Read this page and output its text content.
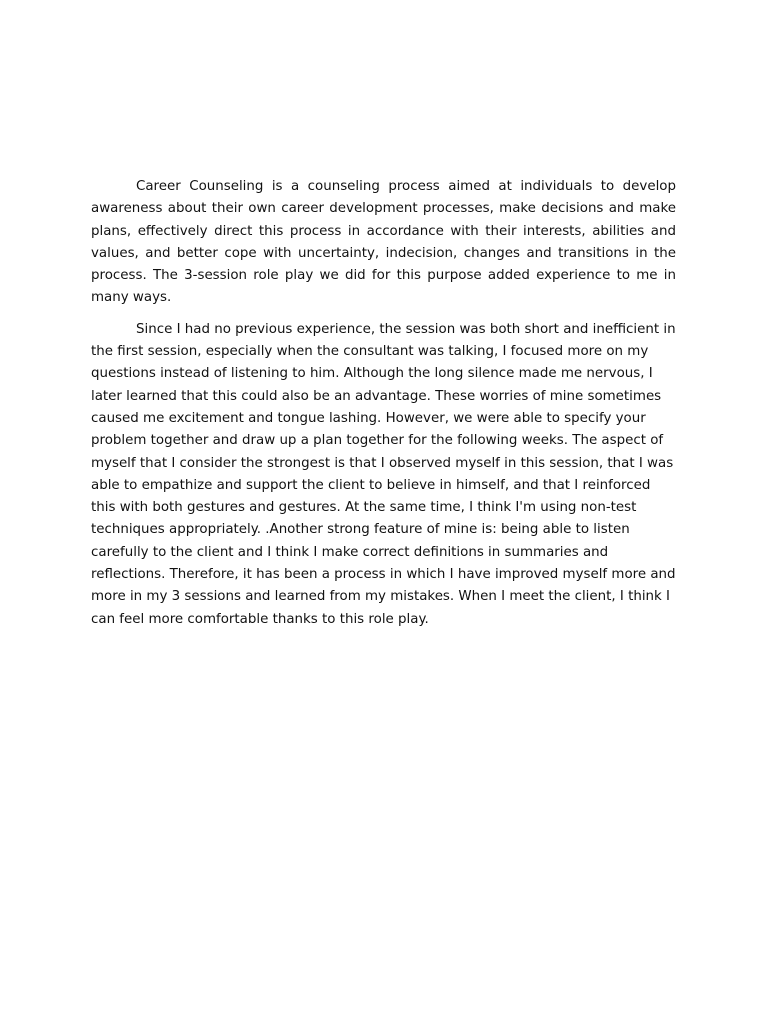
Career Counseling is a counseling process aimed at individuals to develop awareness about their own career development processes, make decisions and make plans, effectively direct this process in accordance with their interests, abilities and values, and better cope with uncertainty, indecision, changes and transitions in the process. The 3-session role play we did for this purpose added experience to me in many ways.

Since I had no previous experience, the session was both short and inefficient in the first session, especially when the consultant was talking, I focused more on my questions instead of listening to him. Although the long silence made me nervous, I later learned that this could also be an advantage. These worries of mine sometimes caused me excitement and tongue lashing. However, we were able to specify your problem together and draw up a plan together for the following weeks. The aspect of myself that I consider the strongest is that I observed myself in this session, that I was able to empathize and support the client to believe in himself, and that I reinforced this with both gestures and gestures. At the same time, I think I'm using non-test techniques appropriately. .Another strong feature of mine is: being able to listen carefully to the client and I think I make correct definitions in summaries and reflections. Therefore, it has been a process in which I have improved myself more and more in my 3 sessions and learned from my mistakes. When I meet the client, I think I can feel more comfortable thanks to this role play.
